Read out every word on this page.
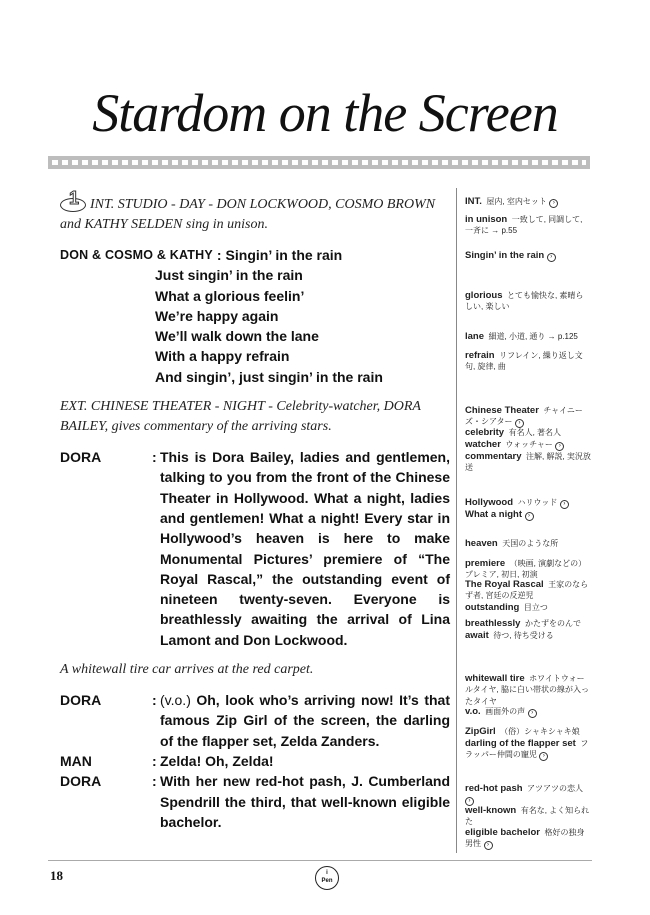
Stardom on the Screen
1 INT. STUDIO - DAY - DON LOCKWOOD, COSMO BROWN and KATHY SELDEN sing in unison.
DON & COSMO & KATHY : Singin’ in the rain
Just singin’ in the rain
What a glorious feelin’
We’re happy again
We’ll walk down the lane
With a happy refrain
And singin’, just singin’ in the rain
EXT. CHINESE THEATER - NIGHT - Celebrity-watcher, DORA BAILEY, gives commentary of the arriving stars.
DORA	: This is Dora Bailey, ladies and gentlemen, talking to you from the front of the Chinese Theater in Hollywood. What a night, ladies and gentlemen! What a night! Every star in Hollywood’s heaven is here to make Monumental Pictures’ premiere of “The Royal Rascal,” the outstanding event of nineteen twenty-seven. Everyone is breathlessly awaiting the arrival of Lina Lamont and Don Lockwood.
A whitewall tire car arrives at the red carpet.
DORA	: (v.o.) Oh, look who’s arriving now! It’s that famous Zip Girl of the screen, the darling of the flapper set, Zelda Zanders.
MAN	: Zelda! Oh, Zelda!
DORA	: With her new red-hot pash, J. Cumberland Spendrill the third, that well-known eligible bachelor.
INT.  屋内, 室内セット ›
in unison  一致して, 同調して, 一斉に → p.55
Singin’ in the rain ›
glorious  とても愉快な, 素晴らしい, 楽しい
lane  細道, 小道, 通り → p.125
refrain  リフレイン, 繰り返し文句, 旋律, 曲
Chinese Theater  チャイニーズ・シアター ›
celebrity  有名人, 著名人
watcher  ウォッチャー ›
commentary  注解, 解説, 実況放送
Hollywood  ハリウッド ›
What a night ›
heaven  天国のような所
premiere  （映画, 演劇などの）プレミア, 初日, 初演
The Royal Rascal  王家のならず者, 宮廷の反逆児
outstanding  目立つ
breathlessly  かたずをのんで
await  待つ, 待ち受ける
whitewall tire  ホワイトウォールタイヤ, 脇に白い帯状の線が入ったタイヤ
v.o.  画面外の声 ›
ZipGirl  （俗）シャキシャキ娘
darling of the flapper set  フラッパー仲間の寵児 ›
red-hot pash  アツアツの恋人 ›
well-known  有名な, よく知られた
eligible bachelor  格好の独身男性 ›
18	i
Pen
